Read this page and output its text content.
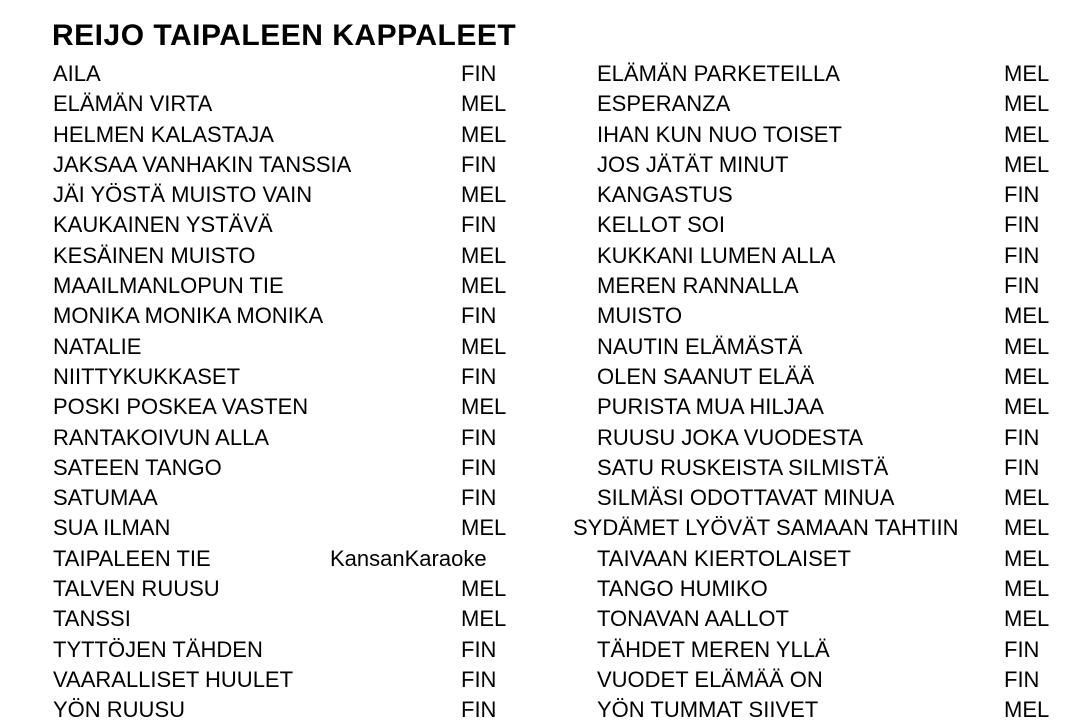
REIJO TAIPALEEN KAPPALEET
AILA	FIN
ELÄMÄN VIRTA	MEL
HELMEN KALASTAJA	MEL
JAKSAA VANHAKIN TANSSIA	FIN
JÄI YÖSTÄ MUISTO VAIN	MEL
KAUKAINEN YSTÄVÄ	FIN
KESÄINEN MUISTO	MEL
MAAILMANLOPUN TIE	MEL
MONIKA MONIKA MONIKA	FIN
NATALIE	MEL
NIITTYKUKKASET	FIN
POSKI POSKEA VASTEN	MEL
RANTAKOIVUN ALLA	FIN
SATEEN TANGO	FIN
SATUMAA	FIN
SUA ILMAN	MEL
TAIPALEEN TIE	KansanKaraoke
TALVEN RUUSU	MEL
TANSSI	MEL
TYTTÖJEN TÄHDEN	FIN
VAARALLISET HUULET	FIN
YÖN RUUSU	FIN
ELÄMÄN PARKETEILLA	MEL
ESPERANZA	MEL
IHAN KUN NUO TOISET	MEL
JOS JÄTÄT MINUT	MEL
KANGASTUS	FIN
KELLOT SOI	FIN
KUKKANI LUMEN ALLA	FIN
MEREN RANNALLA	FIN
MUISTO	MEL
NAUTIN ELÄMÄSTÄ	MEL
OLEN SAANUT ELÄÄ	MEL
PURISTA MUA HILJAA	MEL
RUUSU JOKA VUODESTA	FIN
SATU RUSKEISTA SILMISTÄ	FIN
SILMÄSI ODOTTAVAT MINUA	MEL
SYDÄMET LYÖVÄT SAMAAN TAHTIIN MEL
TAIVAAN KIERTOLAISET	MEL
TANGO HUMIKO	MEL
TONAVAN AALLOT	MEL
TÄHDET MEREN YLLÄ	FIN
VUODET ELÄMÄÄ ON	FIN
YÖN TUMMAT SIIVET	MEL
